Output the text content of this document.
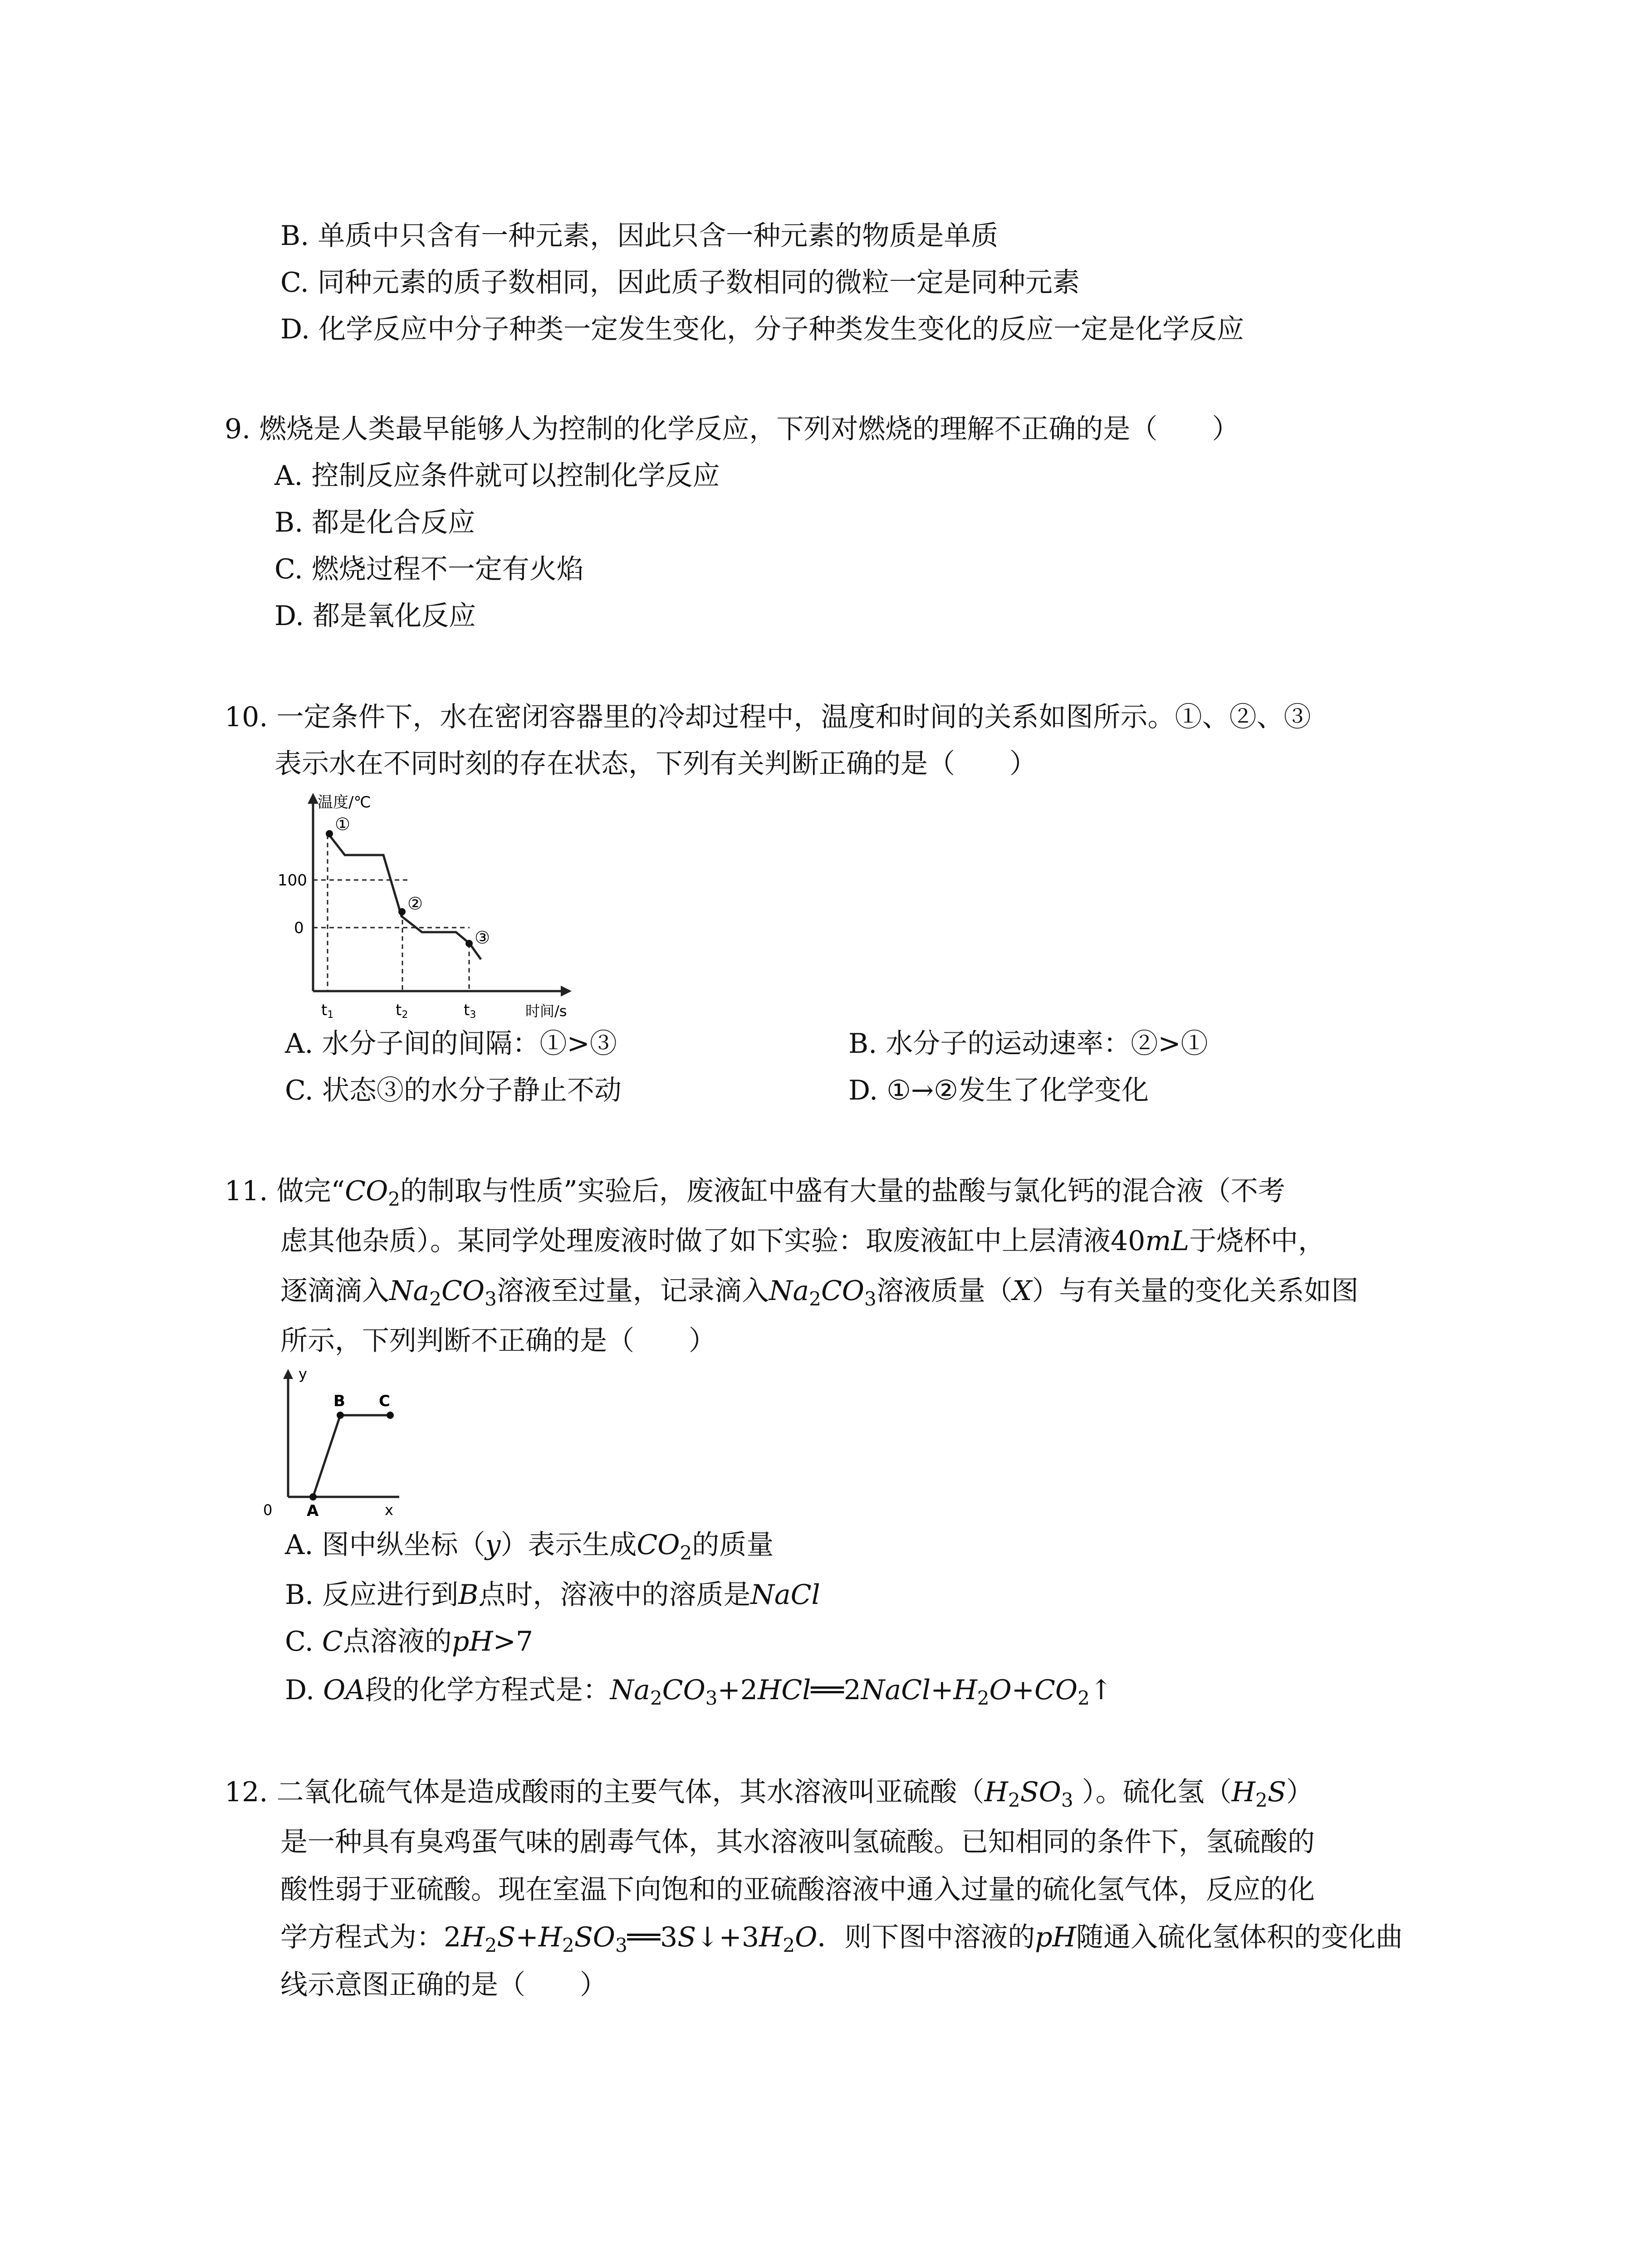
B. 单质中只含有一种元素，因此只含一种元素的物质是单质
C. 同种元素的质子数相同，因此质子数相同的微粒一定是同种元素
D. 化学反应中分子种类一定发生变化，分子种类发生变化的反应一定是化学反应
9. 燃烧是人类最早能够人为控制的化学反应，下列对燃烧的理解不正确的是（　　）
A. 控制反应条件就可以控制化学反应
B. 都是化合反应
C. 燃烧过程不一定有火焰
D. 都是氧化反应
10. 一定条件下，水在密闭容器里的冷却过程中，温度和时间的关系如图所示。①、②、③
表示水在不同时刻的存在状态，下列有关判断正确的是（　　）
温度/℃
时间/s
100
0
t1	t2	t3
①
②
③
A. 水分子间的间隔：①>③	B. 水分子的运动速率：②>①
C. 状态③的水分子静止不动	D. ①→②发生了化学变化
11. 做完“$CO_2$的制取与性质”实验后，废液缸中盛有大量的盐酸与氯化钙的混合液（不考
虑其他杂质）。某同学处理废液时做了如下实验：取废液缸中上层清液40mL于烧杯中，
逐滴滴入$Na_2CO_3$溶液至过量，记录滴入$Na_2CO_3$溶液质量（X）与有关量的变化关系如图
所示，下列判断不正确的是（　　）
y
x
0 A
B C
A. 图中纵坐标（y）表示生成$CO_2$的质量
B. 反应进行到B点时，溶液中的溶质是NaCl
C. C点溶液的pH>7
D. OA段的化学方程式是：$Na_2CO_3+2HCl══2NaCl+H_2O+CO_2↑$
12. 二氧化硫气体是造成酸雨的主要气体，其水溶液叫亚硫酸（$H_2SO_3$ ）。硫化氢$(H_2S)$
是一种具有臭鸡蛋气味的剧毒气体，其水溶液叫氢硫酸。已知相同的条件下，氢硫酸的
酸性弱于亚硫酸。现在室温下向饱和的亚硫酸溶液中通入过量的硫化氢气体，反应的化
学方程式为：$2H_2S+H_2SO_3══3S↓+3H_2O$．则下图中溶液的pH随通入硫化氢体积的变化曲
线示意图正确的是（　　）
